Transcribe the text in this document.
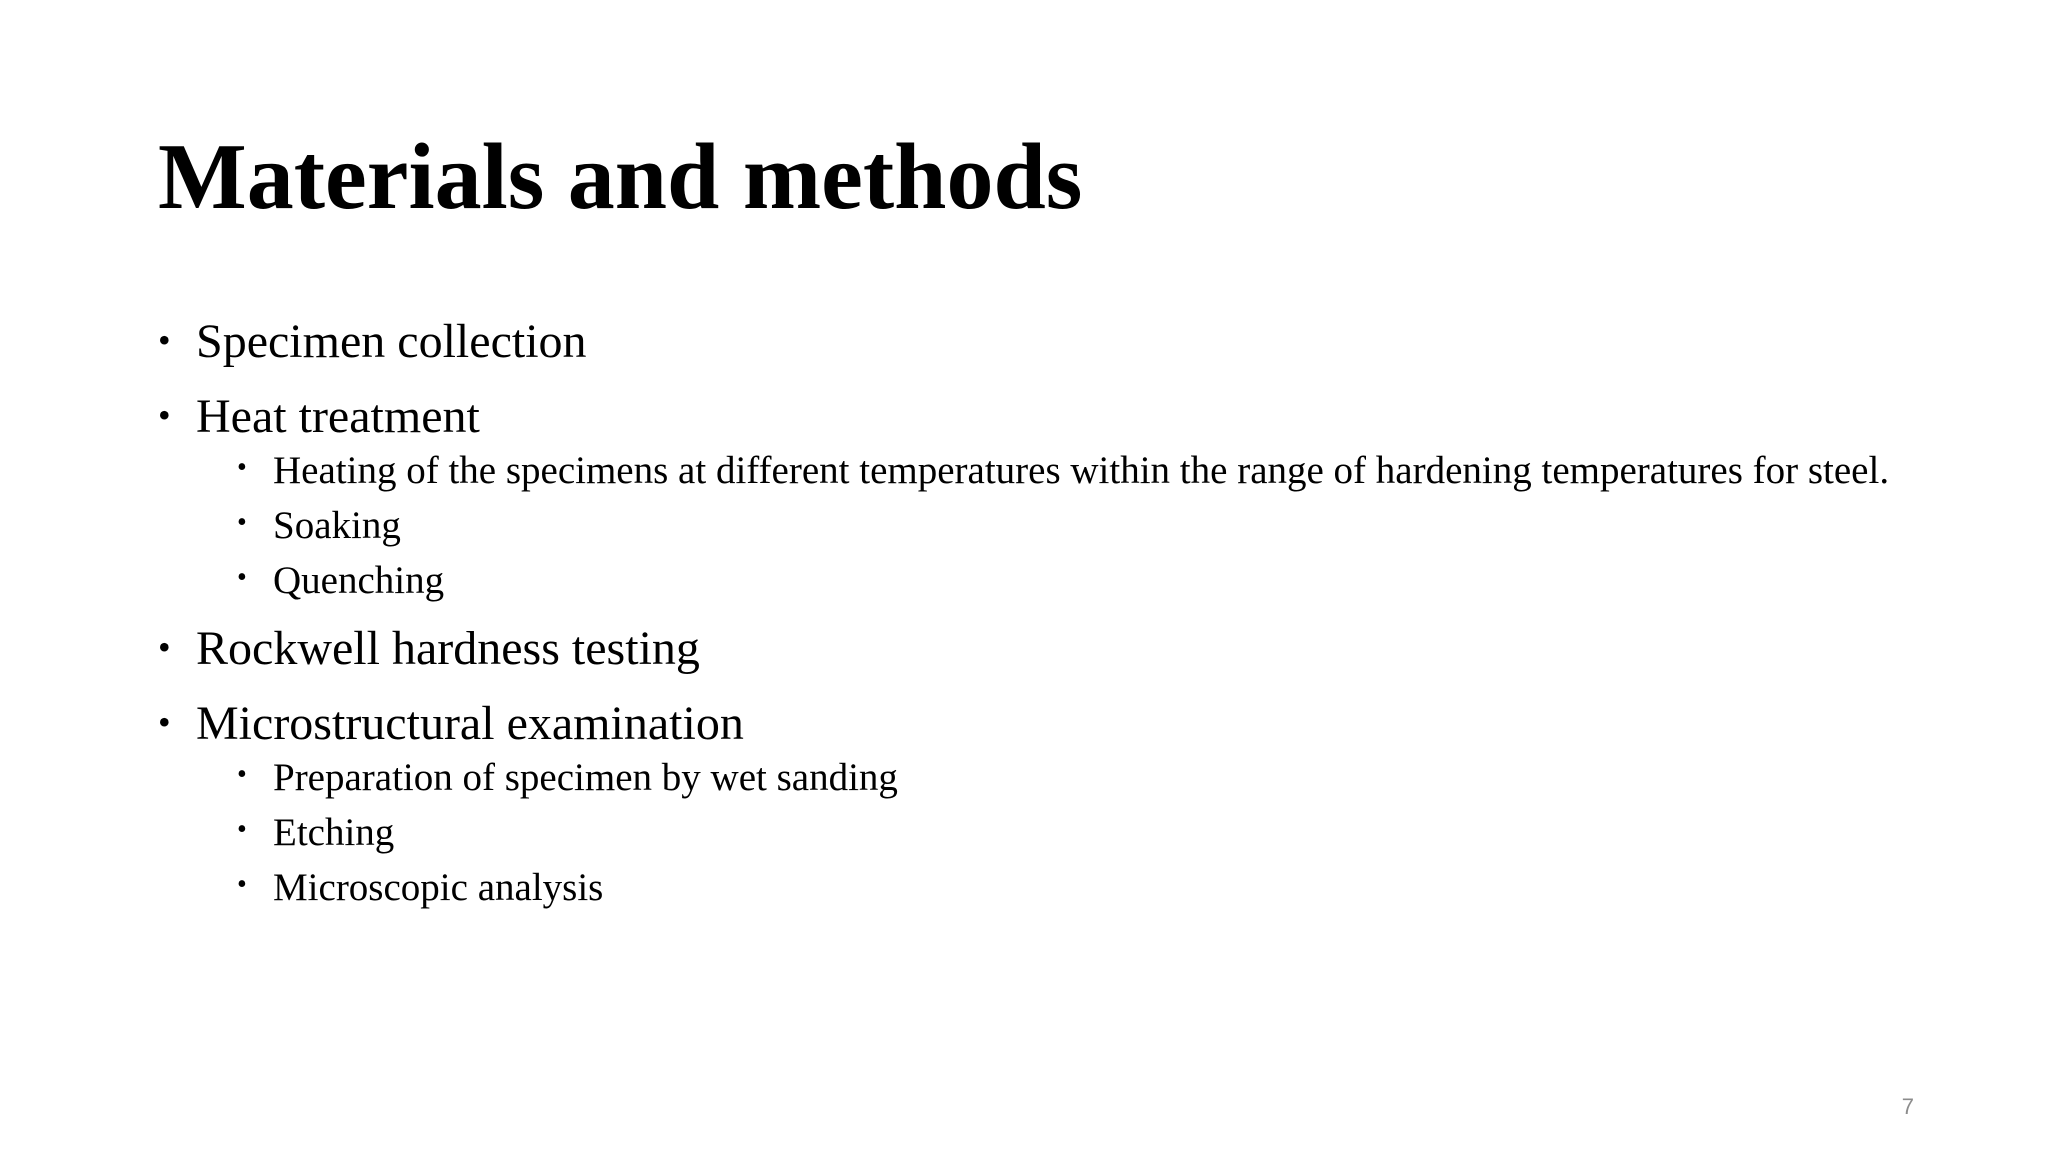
Materials and methods
• Specimen collection
• Heat treatment
• Heating of the specimens at different temperatures within the range of hardening temperatures for steel.
• Soaking
• Quenching
• Rockwell hardness testing
• Microstructural examination
• Preparation of specimen by wet sanding
• Etching
• Microscopic analysis
7
